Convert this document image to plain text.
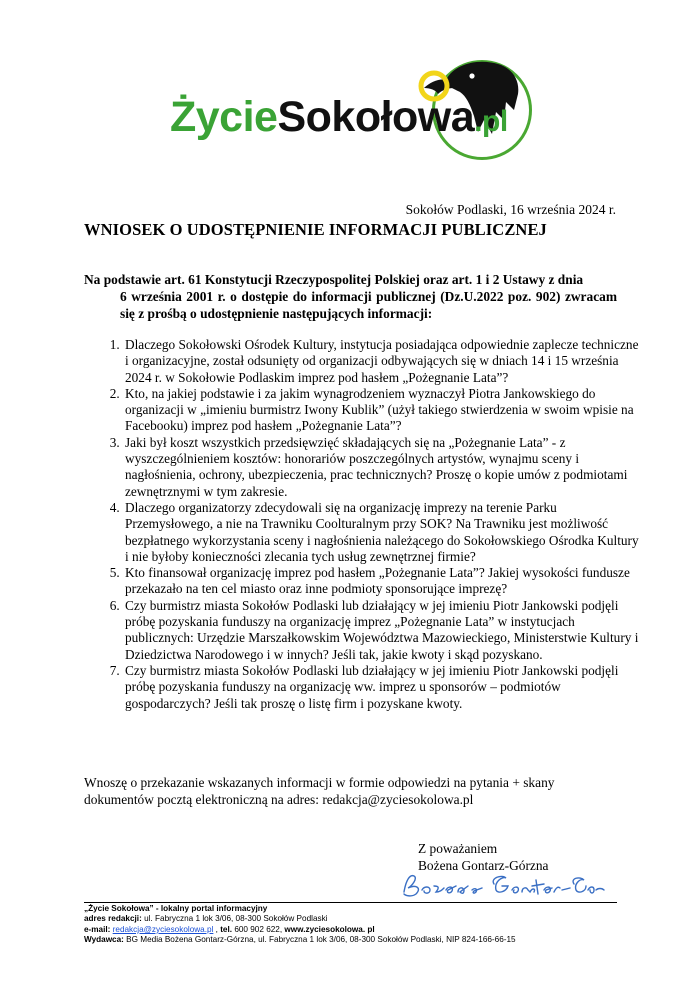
ŻycieSokołowa.pl
Sokołów Podlaski, 16 września 2024 r.
WNIOSEK O UDOSTĘPNIENIE INFORMACJI PUBLICZNEJ
Na podstawie art. 61 Konstytucji Rzeczypospolitej Polskiej oraz art. 1 i 2 Ustawy z dnia
6 września 2001 r. o dostępie do informacji publicznej (Dz.U.2022 poz. 902) zwracam się z prośbą o udostępnienie następujących informacji:
1. Dlaczego Sokołowski Ośrodek Kultury, instytucja posiadająca odpowiednie zaplecze techniczne i organizacyjne, został odsunięty od organizacji odbywających się w dniach 14 i 15 września 2024 r. w Sokołowie Podlaskim imprez pod hasłem „Pożegnanie Lata”?
2. Kto, na jakiej podstawie i za jakim wynagrodzeniem wyznaczył Piotra Jankowskiego do organizacji w „imieniu burmistrz Iwony Kublik” (użył takiego stwierdzenia w swoim wpisie na Facebooku) imprez pod hasłem „Pożegnanie Lata”?
3. Jaki był koszt wszystkich przedsięwzięć składających się na „Pożegnanie Lata” - z wyszczególnieniem kosztów: honorariów poszczególnych artystów, wynajmu sceny i nagłośnienia, ochrony, ubezpieczenia, prac technicznych? Proszę o kopie umów z podmiotami zewnętrznymi w tym zakresie.
4. Dlaczego organizatorzy zdecydowali się na organizację imprezy na terenie Parku Przemysłowego, a nie na Trawniku Coolturalnym przy SOK? Na Trawniku jest możliwość bezpłatnego wykorzystania sceny i nagłośnienia należącego do Sokołowskiego Ośrodka Kultury i nie byłoby konieczności zlecania tych usług zewnętrznej firmie?
5. Kto finansował organizację imprez pod hasłem „Pożegnanie Lata”? Jakiej wysokości fundusze przekazało na ten cel miasto oraz inne podmioty sponsorujące imprezę?
6. Czy burmistrz miasta Sokołów Podlaski lub działający w jej imieniu Piotr Jankowski podjęli próbę pozyskania funduszy na organizację imprez „Pożegnanie Lata” w instytucjach publicznych: Urzędzie Marszałkowskim Województwa Mazowieckiego, Ministerstwie Kultury i Dziedzictwa Narodowego i w innych? Jeśli tak, jakie kwoty i skąd pozyskano.
7. Czy burmistrz miasta Sokołów Podlaski lub działający w jej imieniu Piotr Jankowski podjęli próbę pozyskania funduszy na organizację ww. imprez u sponsorów – podmiotów gospodarczych? Jeśli tak proszę o listę firm i pozyskane kwoty.
Wnoszę o przekazanie wskazanych informacji w formie odpowiedzi na pytania + skany dokumentów pocztą elektroniczną na adres: redakcja@zyciesokolowa.pl
Z poważaniem
Bożena Gontarz-Górzna
„Życie Sokołowa” - lokalny portal informacyjny
adres redakcji: ul. Fabryczna 1 lok 3/06, 08-300 Sokołów Podlaski
e-mail: redakcja@zyciesokolowa.pl , tel. 600 902 622, www.zyciesokolowa. pl
Wydawca: BG Media Bożena Gontarz-Górzna, ul. Fabryczna 1 lok 3/06, 08-300 Sokołów Podlaski, NIP 824-166-66-15
